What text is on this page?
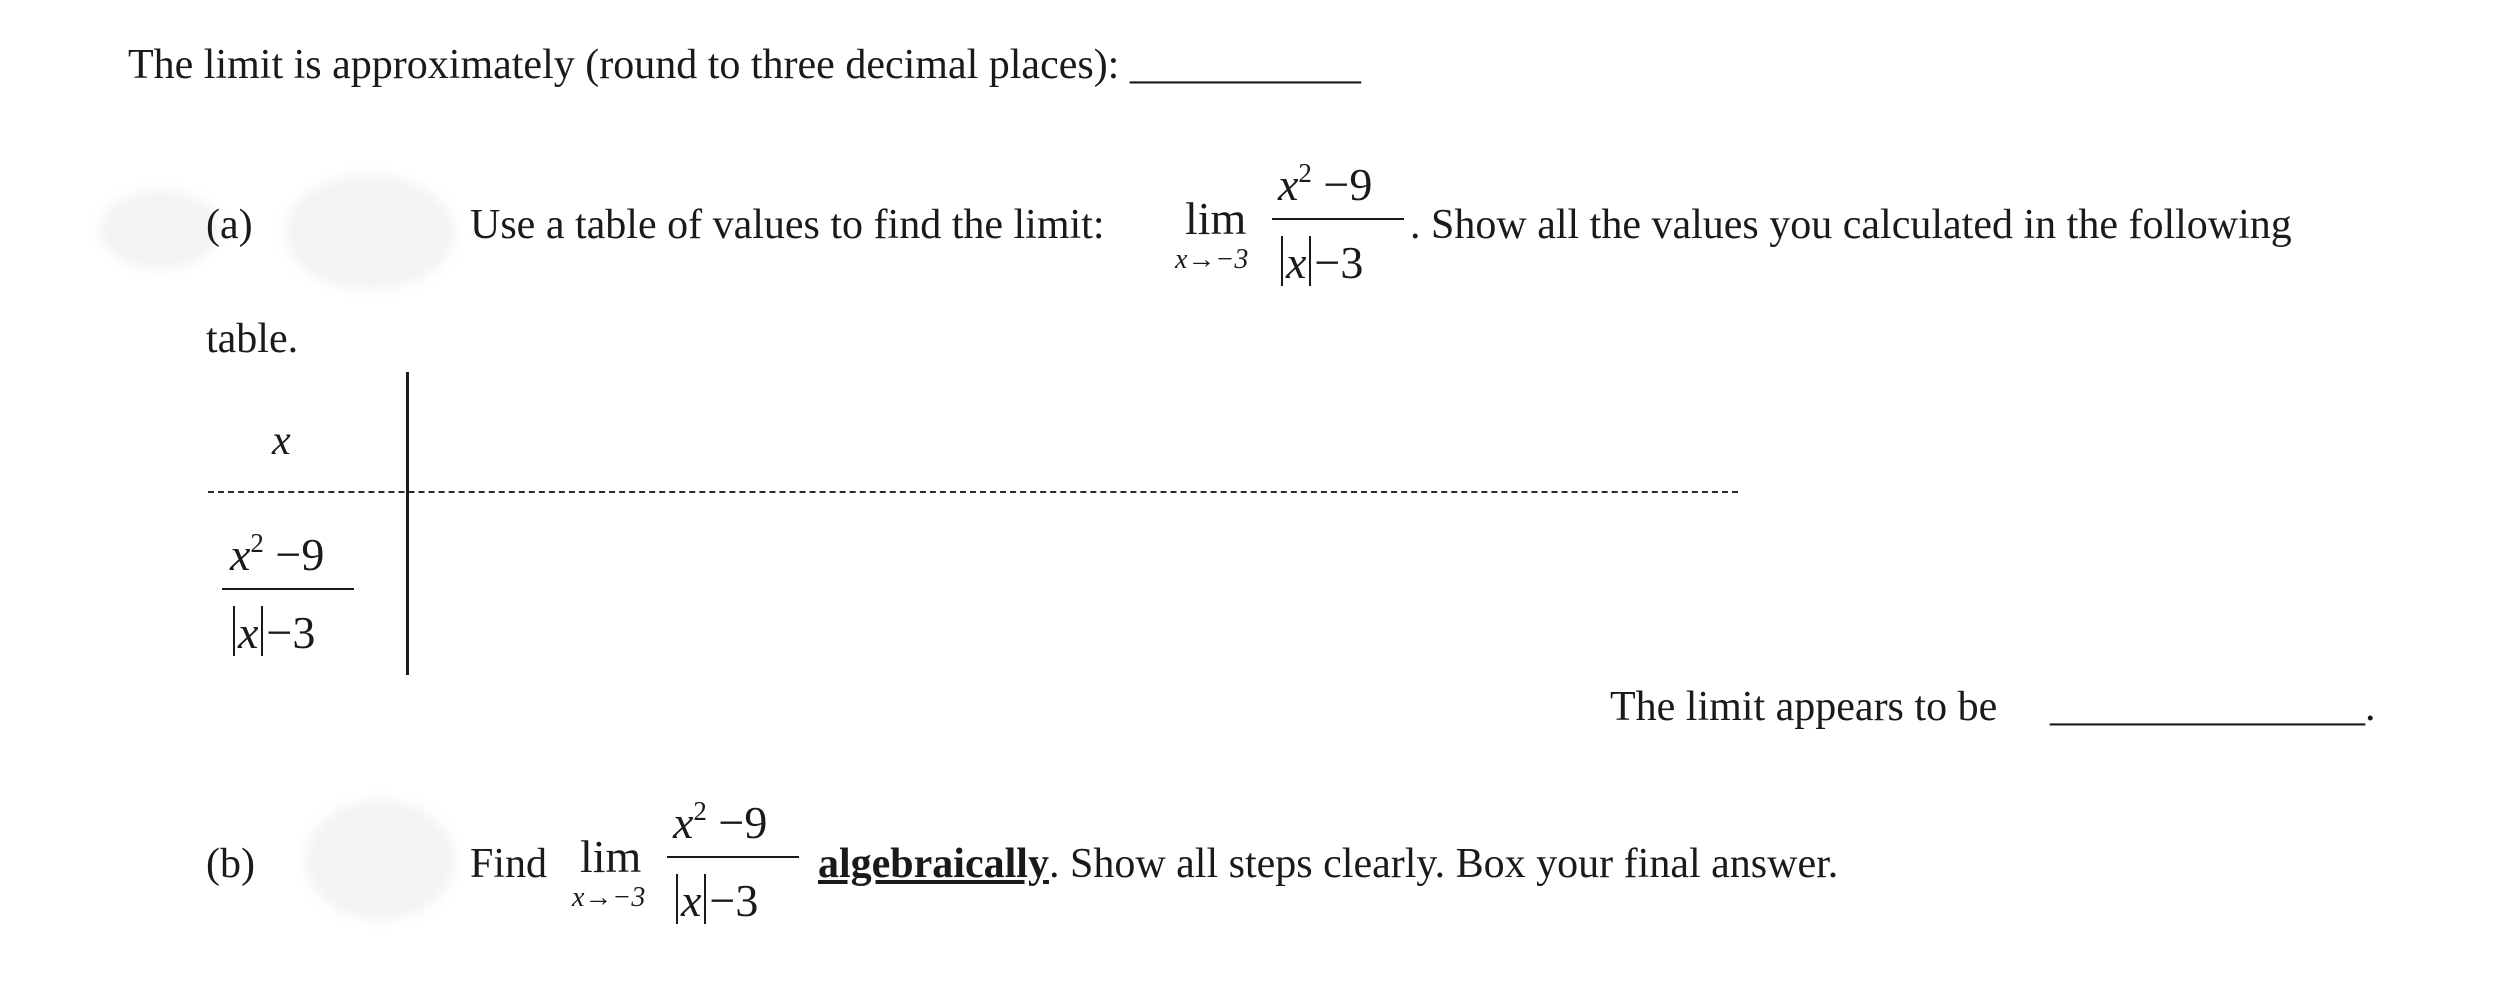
The limit is approximately (round to three decimal places): ___________
(a)	Use a table of values to find the limit: lim
x→−3
$x^2 -9$
x −3
. Show all the values you calculated in the following
table.
x
$x^2 -9$
x −3
The limit appears to be _______________.
(b)	Find lim
x→−3
$x^2 -9$
x −3
algebraically. Show all steps clearly. Box your final answer.
